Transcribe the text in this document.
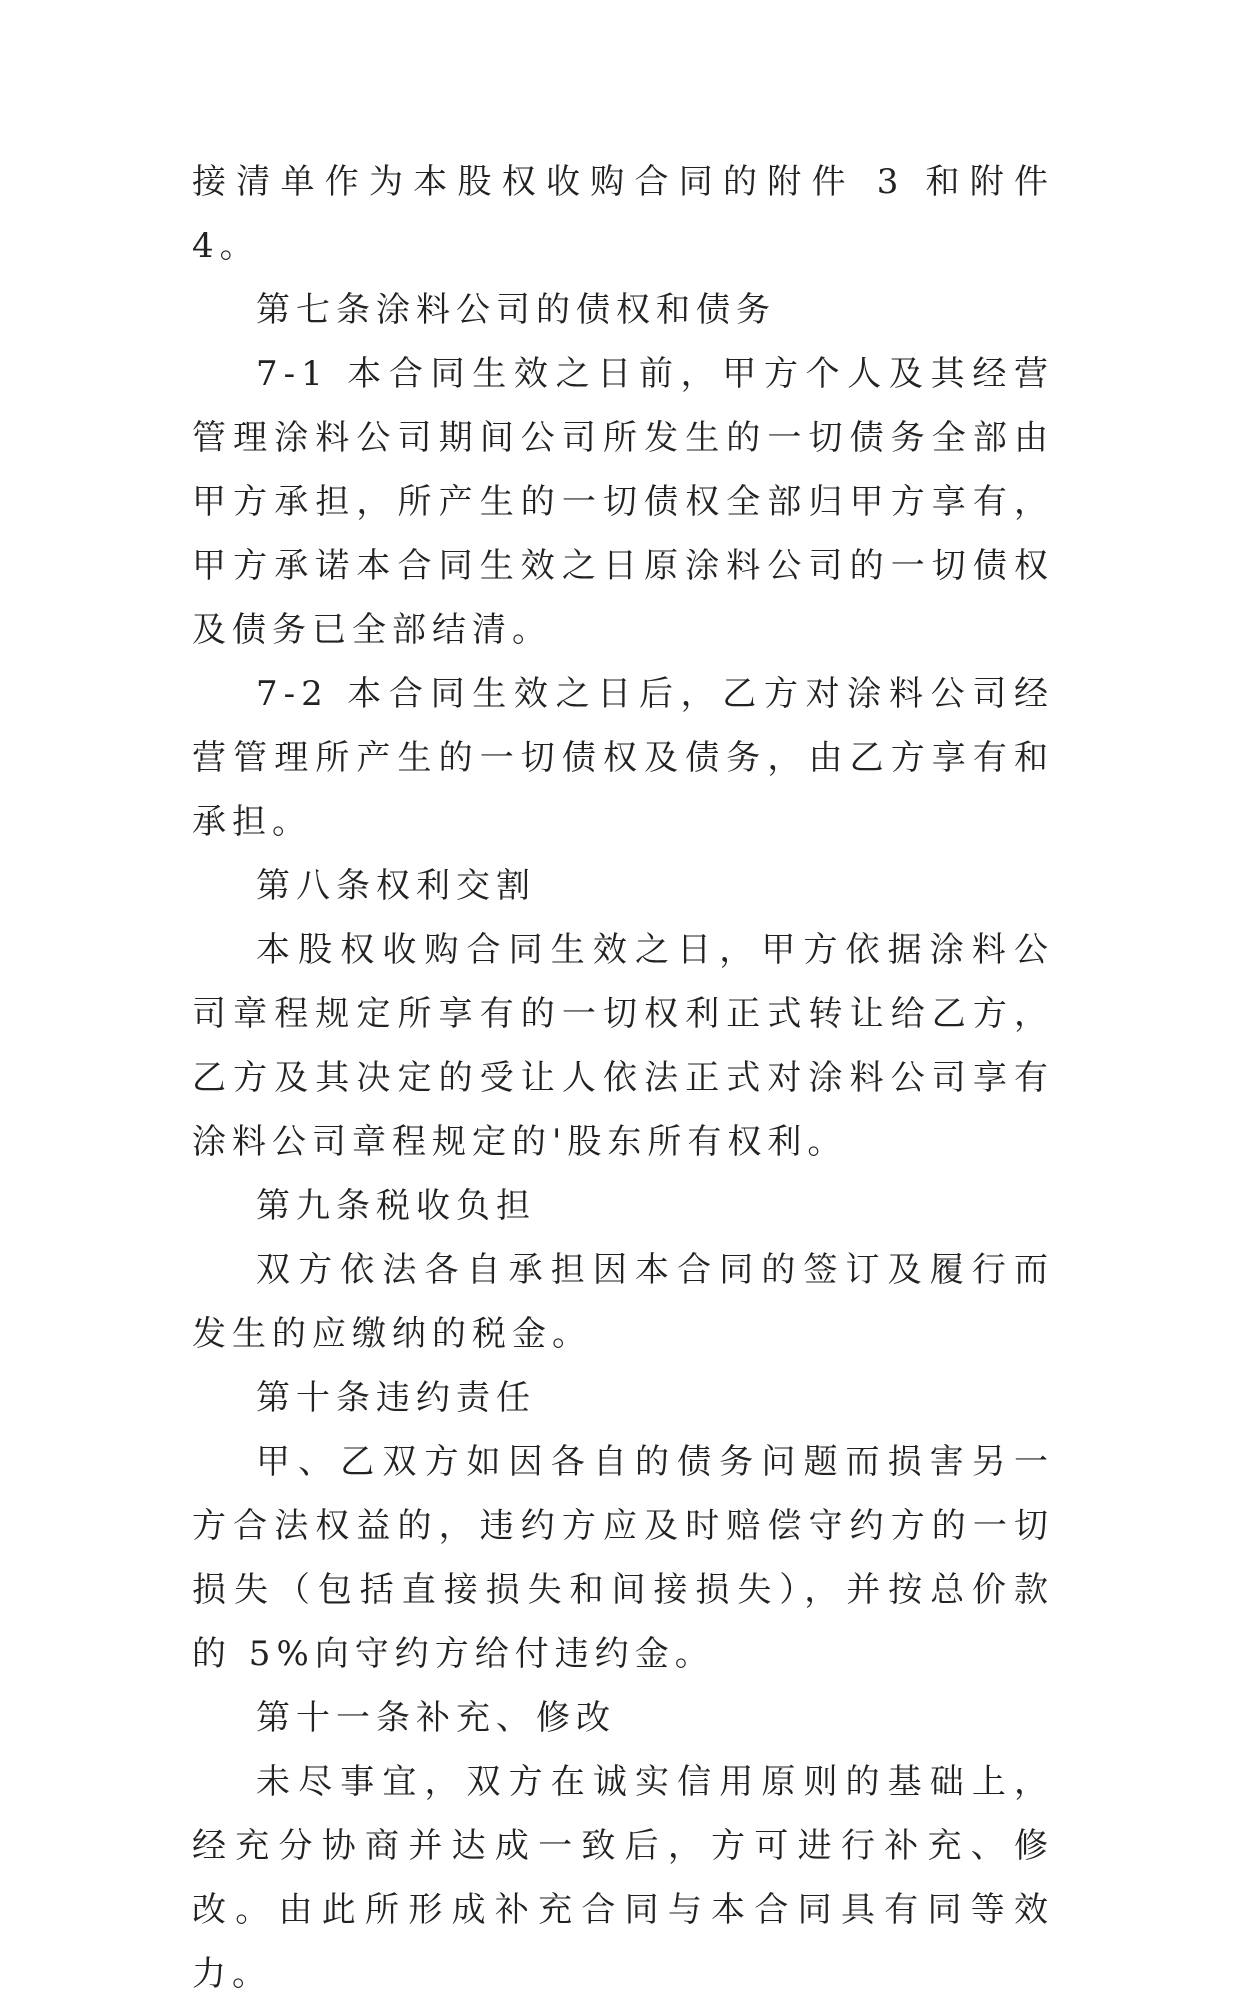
接清单作为本股权收购合同的附件 3 和附件 4。

第七条涂料公司的债权和债务

7-1 本合同生效之日前，甲方个人及其经营管理涂料公司期间公司所发生的一切债务全部由甲方承担，所产生的一切债权全部归甲方享有，甲方承诺本合同生效之日原涂料公司的一切债权及债务已全部结清。

7-2 本合同生效之日后，乙方对涂料公司经营管理所产生的一切债权及债务，由乙方享有和承担。

第八条权利交割

本股权收购合同生效之日，甲方依据涂料公司章程规定所享有的一切权利正式转让给乙方，乙方及其决定的受让人依法正式对涂料公司享有涂料公司章程规定的'股东所有权利。

第九条税收负担

双方依法各自承担因本合同的签订及履行而发生的应缴纳的税金。

第十条违约责任

甲、乙双方如因各自的债务问题而损害另一方合法权益的，违约方应及时赔偿守约方的一切损失（包括直接损失和间接损失），并按总价款的 5%向守约方给付违约金。

第十一条补充、修改

未尽事宜，双方在诚实信用原则的基础上，经充分协商并达成一致后，方可进行补充、修改。由此所形成补充合同与本合同具有同等效力。
